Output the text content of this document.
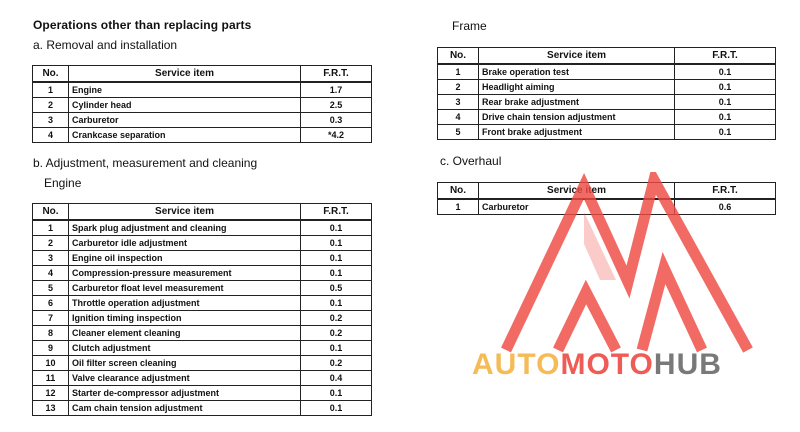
Operations other than replacing parts
a. Removal and installation
No.	Service item	F.R.T.
1	Engine	1.7
2	Cylinder head	2.5
3	Carburetor	0.3
4	Crankcase separation	*4.2
b. Adjustment, measurement and cleaning
Engine
No.	Service item	F.R.T.
1	Spark plug adjustment and cleaning	0.1
2	Carburetor idle adjustment	0.1
3	Engine oil inspection	0.1
4	Compression-pressure measurement	0.1
5	Carburetor float level measurement	0.5
6	Throttle operation adjustment	0.1
7	Ignition timing inspection	0.2
8	Cleaner element cleaning	0.2
9	Clutch adjustment	0.1
10	Oil filter screen cleaning	0.2
11	Valve clearance adjustment	0.4
12	Starter de-compressor adjustment	0.1
13	Cam chain tension adjustment	0.1
Frame
No.	Service item	F.R.T.
1	Brake operation test	0.1
2	Headlight aiming	0.1
3	Rear brake adjustment	0.1
4	Drive chain tension adjustment	0.1
5	Front brake adjustment	0.1
c. Overhaul
No.	Service item	F.R.T.
1	Carburetor	0.6
AUTOMOTOHUB
